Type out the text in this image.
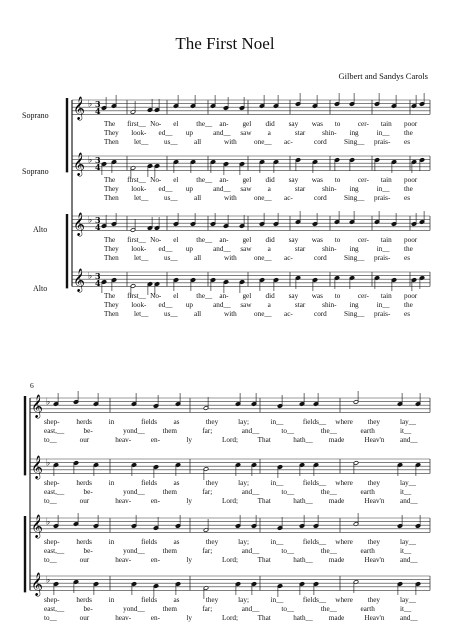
The First Noel
Gilbert and Sandys Carols
Soprano
Soprano
Alto
Alto
6
𝄞 ♭ 3
4
𝄞 ♭ 3
4
𝄞 ♭ 3
4
𝄞 ♭ 3
4
𝄞 ♭
𝄞 ♭
𝄞 ♭
𝄞 ♭
The first__ No- el the__ an- gel did say was to cer- tain poor
They look- ed__ up	and__ saw a	star shin- ing	in__ the
Then let__ us__ all	with one__ ac-	cord Sing__ prais- es
The first__ No- el the__ an- gel did say was to cer- tain poor
They look- ed__ up	and__ saw a	star shin- ing	in__ the
Then let__ us__ all	with one__ ac-	cord Sing__ prais- es
The first__ No- el the__ an- gel did say was to cer- tain poor
They look- ed__ up	and__ saw a	star shin- ing	in__ the
Then let__ us__ all	with one__ ac-	cord Sing__ prais- es
The first__ No- el the__ an- gel did say was to cer- tain poor
They look- ed__ up	and__ saw a	star shin- ing	in__ the
Then let__ us__ all	with one__ ac-	cord Sing__ prais- es
shep- herds in	fields as	they	lay;	in__	fields__ where they	lay__
east,__	be-	yond__ them	far;	and__	to__	the__	earth	it__
to__	our	heav-	en-	ly	Lord;	That	hath__ made	Heav'n and__
shep- herds in	fields as	they	lay;	in__	fields__ where they	lay__
east,__	be-	yond__ them	far;	and__	to__	the__	earth	it__
to__	our	heav-	en-	ly	Lord;	That	hath__ made	Heav'n and__
shep- herds in	fields as	they	lay;	in__	fields__ where they	lay__
east,__	be-	yond__ them	far;	and__	to__	the__	earth	it__
to__	our	heav-	en-	ly	Lord;	That	hath__ made	Heav'n and__
shep- herds in	fields as	they	lay;	in__	fields__ where they	lay__
east,__	be-	yond__ them	far;	and__	to__	the__	earth	it__
to__	our	heav-	en-	ly	Lord;	That	hath__ made	Heav'n and__
